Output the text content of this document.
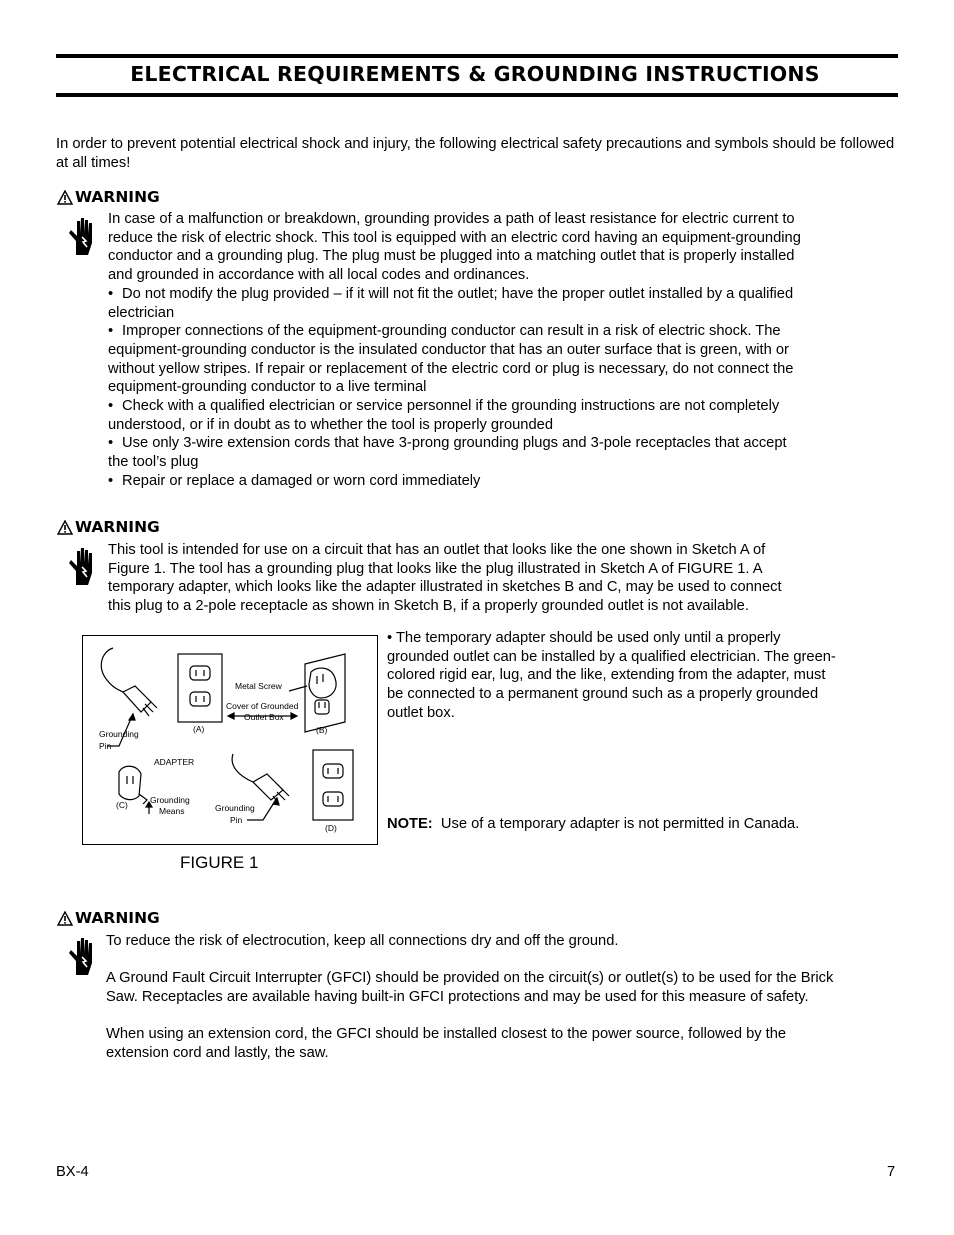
ELECTRICAL REQUIREMENTS & GROUNDING INSTRUCTIONS
In order to prevent potential electrical shock and injury, the following electrical safety precautions and symbols should be followed at all times!
WARNING

In case of a malfunction or breakdown, grounding provides a path of least resistance for electric current to reduce the risk of electric shock. This tool is equipped with an electric cord having an equipment-grounding conductor and a grounding plug. The plug must be plugged into a matching outlet that is properly installed and grounded in accordance with all local codes and ordinances.

• Do not modify the plug provided – if it will not fit the outlet; have the proper outlet installed by a qualified electrician
• Improper connections of the equipment-grounding conductor can result in a risk of electric shock. The equipment-grounding conductor is the insulated conductor that has an outer surface that is green, with or without yellow stripes. If repair or replacement of the electric cord or plug is necessary, do not connect the equipment-grounding conductor to a live terminal
• Check with a qualified electrician or service personnel if the grounding instructions are not completely understood, or if in doubt as to whether the tool is properly grounded
• Use only 3-wire extension cords that have 3-prong grounding plugs and 3-pole receptacles that accept the tool’s plug
• Repair or replace a damaged or worn cord immediately
WARNING

This tool is intended for use on a circuit that has an outlet that looks like the one shown in Sketch A of Figure 1. The tool has a grounding plug that looks like the plug illustrated in Sketch A of FIGURE 1. A temporary adapter, which looks like the adapter illustrated in sketches B and C, may be used to connect this plug to a 2-pole receptacle as shown in Sketch B, if a properly grounded outlet is not available.

Grounding
Pin
(A)
Metal Screw
Cover of Grounded
Outlet Box
(B)
ADAPTER
(C)	Grounding
Means	Grounding
Pin
(D)
FIGURE 1
• The temporary adapter should be used only until a properly grounded outlet can be installed by a qualified electrician. The green-colored rigid ear, lug, and the like, extending from the adapter, must be connected to a permanent ground such as a properly grounded outlet box.
NOTE: Use of a temporary adapter is not permitted in Canada.
WARNING

To reduce the risk of electrocution, keep all connections dry and off the ground.

A Ground Fault Circuit Interrupter (GFCI) should be provided on the circuit(s) or outlet(s) to be used for the Brick Saw. Receptacles are available having built-in GFCI protections and may be used for this measure of safety.

When using an extension cord, the GFCI should be installed closest to the power source, followed by the extension cord and lastly, the saw.

BX-4	7
